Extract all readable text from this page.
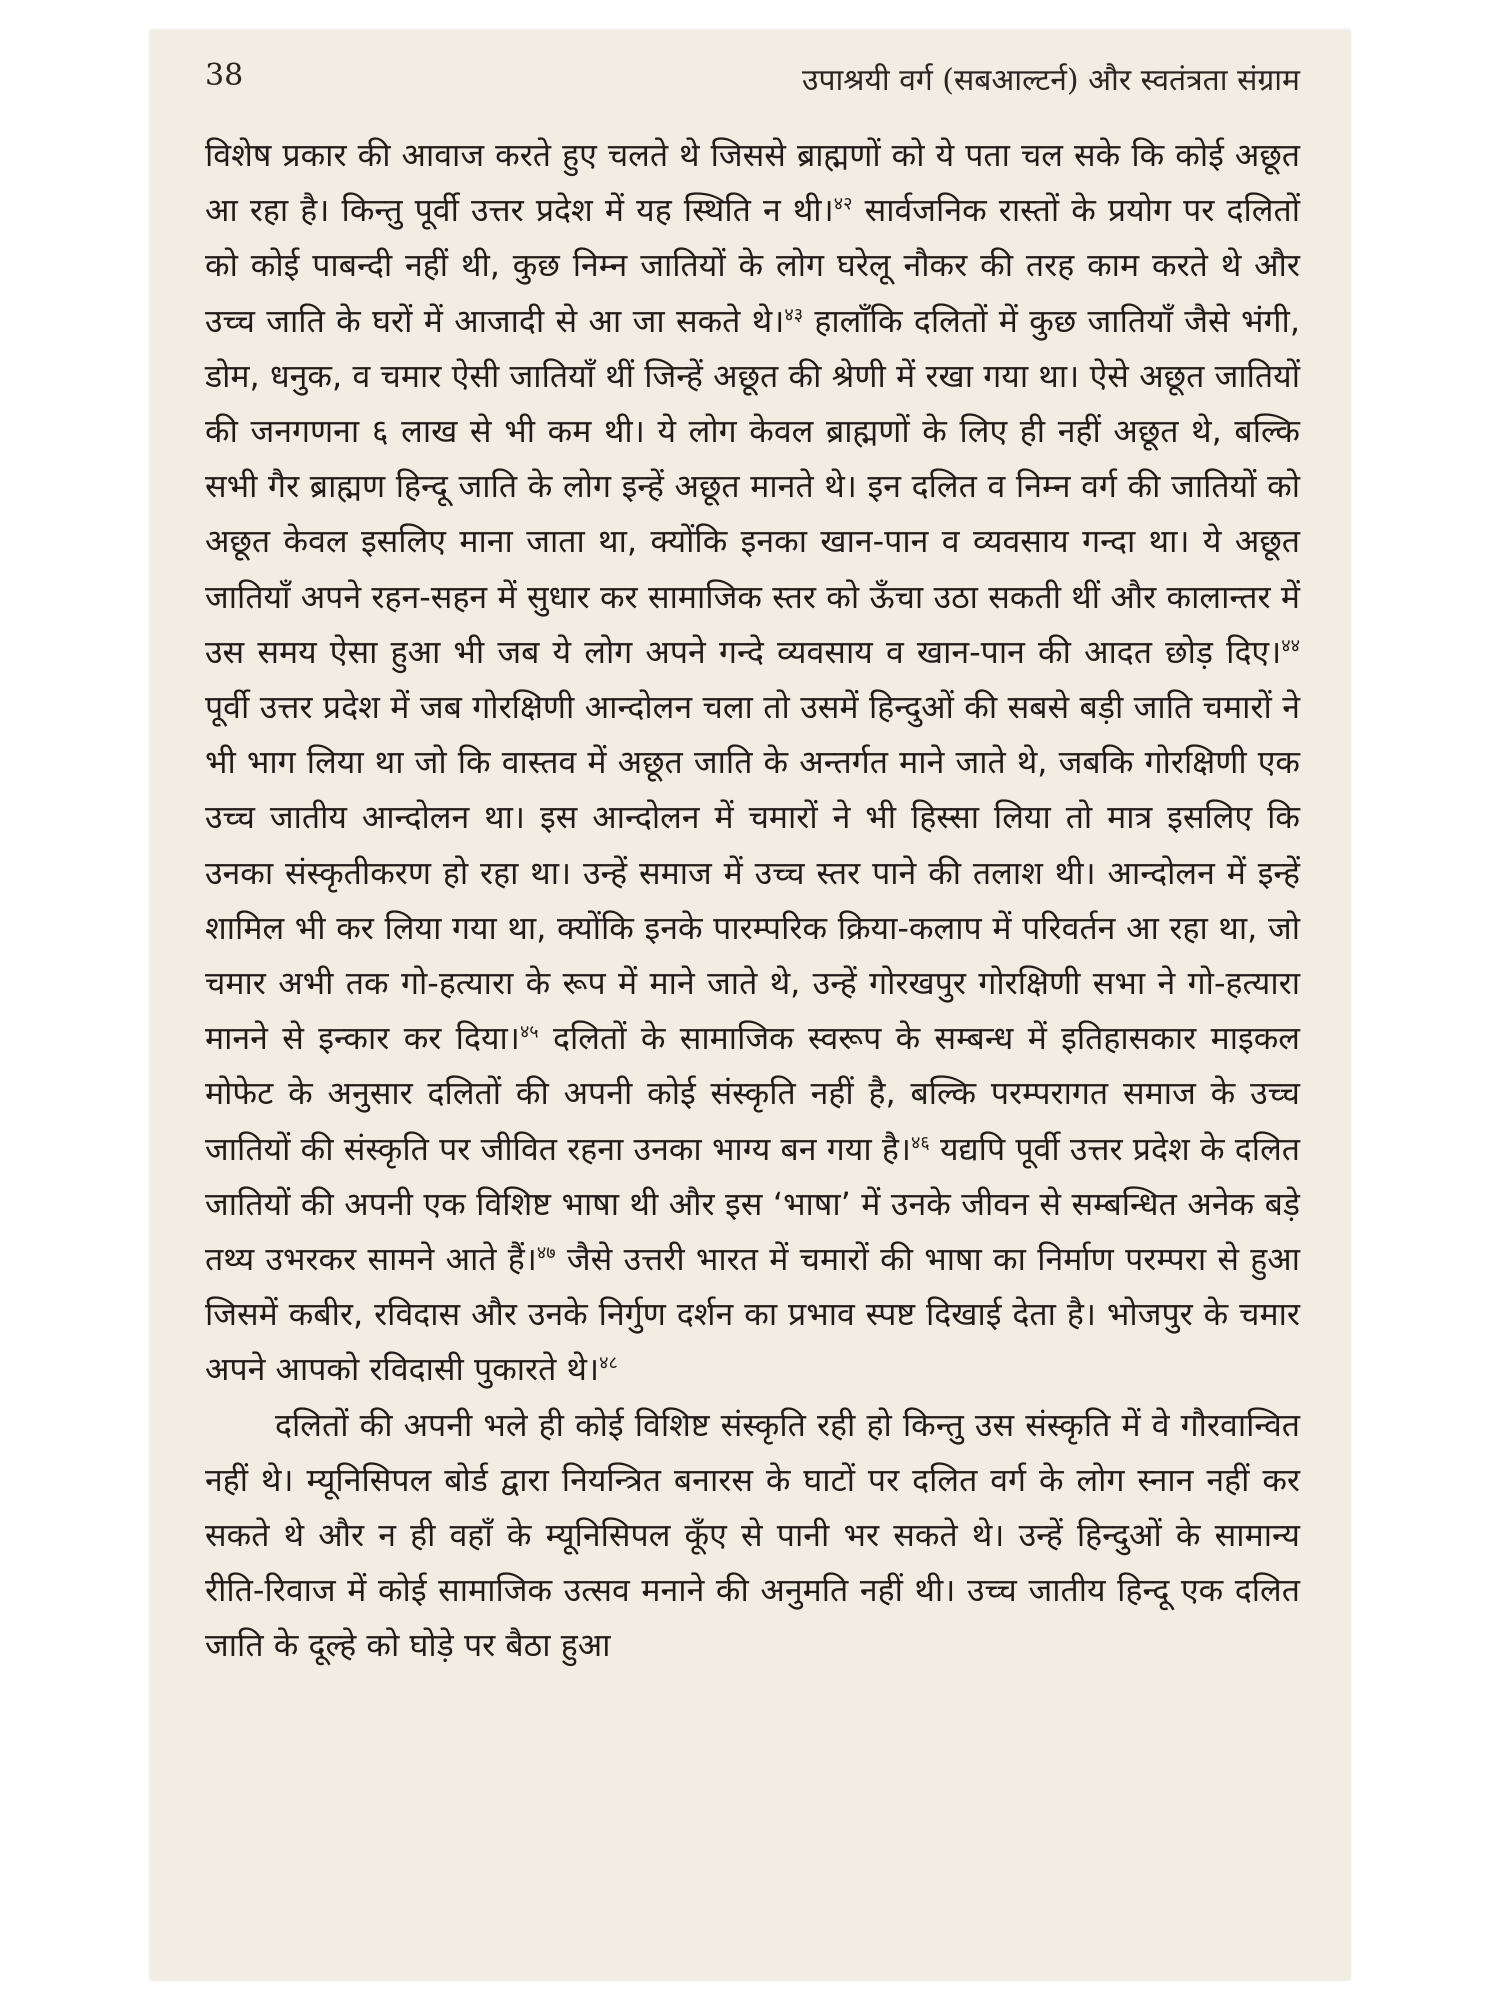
38	उपाश्रयी वर्ग (सबआल्टर्न) और स्वतंत्रता संग्राम

विशेष प्रकार की आवाज करते हुए चलते थे जिससे ब्राह्मणों को ये पता चल सके कि कोई अछूत आ रहा है। किन्तु पूर्वी उत्तर प्रदेश में यह स्थिति न थी।$^{४२}$ सार्वजनिक रास्तों के प्रयोग पर दलितों को कोई पाबन्दी नहीं थी, कुछ निम्न जातियों के लोग घरेलू नौकर की तरह काम करते थे और उच्च जाति के घरों में आजादी से आ जा सकते थे।$^{४३}$ हालाँकि दलितों में कुछ जातियाँ जैसे भंगी, डोम, धनुक, व चमार ऐसी जातियाँ थीं जिन्हें अछूत की श्रेणी में रखा गया था। ऐसे अछूत जातियों की जनगणना ६ लाख से भी कम थी। ये लोग केवल ब्राह्मणों के लिए ही नहीं अछूत थे, बल्कि सभी गैर ब्राह्मण हिन्दू जाति के लोग इन्हें अछूत मानते थे। इन दलित व निम्न वर्ग की जातियों को अछूत केवल इसलिए माना जाता था, क्योंकि इनका खान-पान व व्यवसाय गन्दा था। ये अछूत जातियाँ अपने रहन-सहन में सुधार कर सामाजिक स्तर को ऊँचा उठा सकती थीं और कालान्तर में उस समय ऐसा हुआ भी जब ये लोग अपने गन्दे व्यवसाय व खान-पान की आदत छोड़ दिए।$^{४४}$ पूर्वी उत्तर प्रदेश में जब गोरक्षिणी आन्दोलन चला तो उसमें हिन्दुओं की सबसे बड़ी जाति चमारों ने भी भाग लिया था जो कि वास्तव में अछूत जाति के अन्तर्गत माने जाते थे, जबकि गोरक्षिणी एक उच्च जातीय आन्दोलन था। इस आन्दोलन में चमारों ने भी हिस्सा लिया तो मात्र इसलिए कि उनका संस्कृतीकरण हो रहा था। उन्हें समाज में उच्च स्तर पाने की तलाश थी। आन्दोलन में इन्हें शामिल भी कर लिया गया था, क्योंकि इनके पारम्परिक क्रिया-कलाप में परिवर्तन आ रहा था, जो चमार अभी तक गो-हत्यारा के रूप में माने जाते थे, उन्हें गोरखपुर गोरक्षिणी सभा ने गो-हत्यारा मानने से इन्कार कर दिया।$^{४५}$ दलितों के सामाजिक स्वरूप के सम्बन्ध में इतिहासकार माइकल मोफेट के अनुसार दलितों की अपनी कोई संस्कृति नहीं है, बल्कि परम्परागत समाज के उच्च जातियों की संस्कृति पर जीवित रहना उनका भाग्य बन गया है।$^{४६}$ यद्यपि पूर्वी उत्तर प्रदेश के दलित जातियों की अपनी एक विशिष्ट भाषा थी और इस ‘भाषा’ में उनके जीवन से सम्बन्धित अनेक बड़े तथ्य उभरकर सामने आते हैं।$^{४७}$ जैसे उत्तरी भारत में चमारों की भाषा का निर्माण परम्परा से हुआ जिसमें कबीर, रविदास और उनके निर्गुण दर्शन का प्रभाव स्पष्ट दिखाई देता है। भोजपुर के चमार अपने आपको रविदासी पुकारते थे।$^{४८}$

दलितों की अपनी भले ही कोई विशिष्ट संस्कृति रही हो किन्तु उस संस्कृति में वे गौरवान्वित नहीं थे। म्यूनिसिपल बोर्ड द्वारा नियन्त्रित बनारस के घाटों पर दलित वर्ग के लोग स्नान नहीं कर सकते थे और न ही वहाँ के म्यूनिसिपल कूँए से पानी भर सकते थे। उन्हें हिन्दुओं के सामान्य रीति-रिवाज में कोई सामाजिक उत्सव मनाने की अनुमति नहीं थी। उच्च जातीय हिन्दू एक दलित जाति के दूल्हे को घोड़े पर बैठा हुआ
